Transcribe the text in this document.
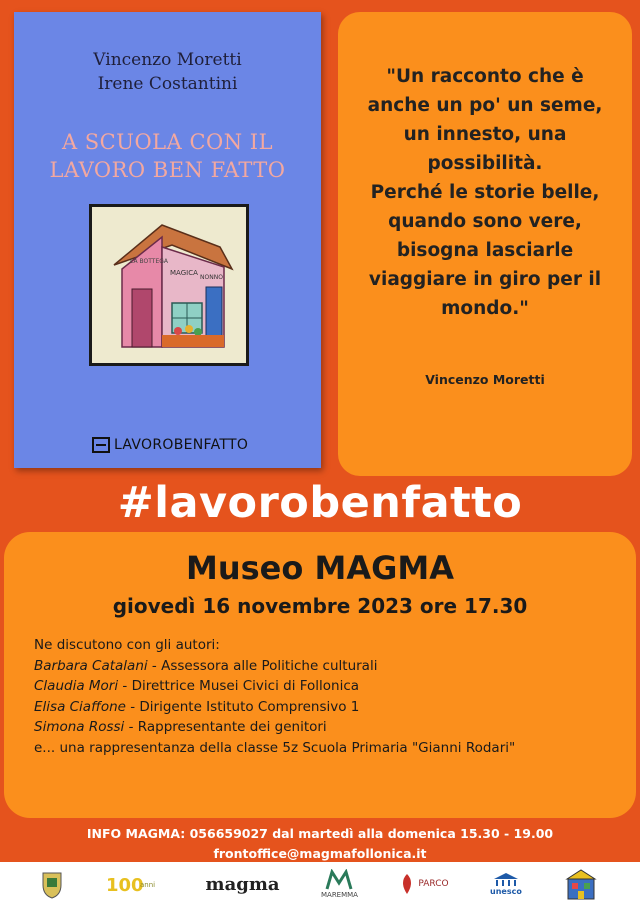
Vincenzo Moretti
Irene Costantini
A SCUOLA CON IL
LAVORO BEN FATTO
LA BOTTEGA
MAGICA
NONNO
LAVOROBENFATTO
"Un racconto che è
anche un po' un seme,
un innesto, una
possibilità.
Perché le storie belle,
quando sono vere,
bisogna lasciarle
viaggiare in giro per il
mondo."
Vincenzo Moretti
#lavorobenfatto
Museo MAGMA
giovedì 16 novembre 2023 ore 17.30
Ne discutono con gli autori:
Barbara Catalani - Assessora alle Politiche culturali
Claudia Mori - Direttrice Musei Civici di Follonica
Elisa Ciaffone - Dirigente Istituto Comprensivo 1
Simona Rossi - Rappresentante dei genitori
e... una rappresentanza della classe 5z Scuola Primaria "Gianni Rodari"
INFO MAGMA: 056659027 dal martedì alla domenica 15.30 - 19.00
frontoffice@magmafollonica.it
100
anni	magma
MAREMMA
PARCO
unesco
